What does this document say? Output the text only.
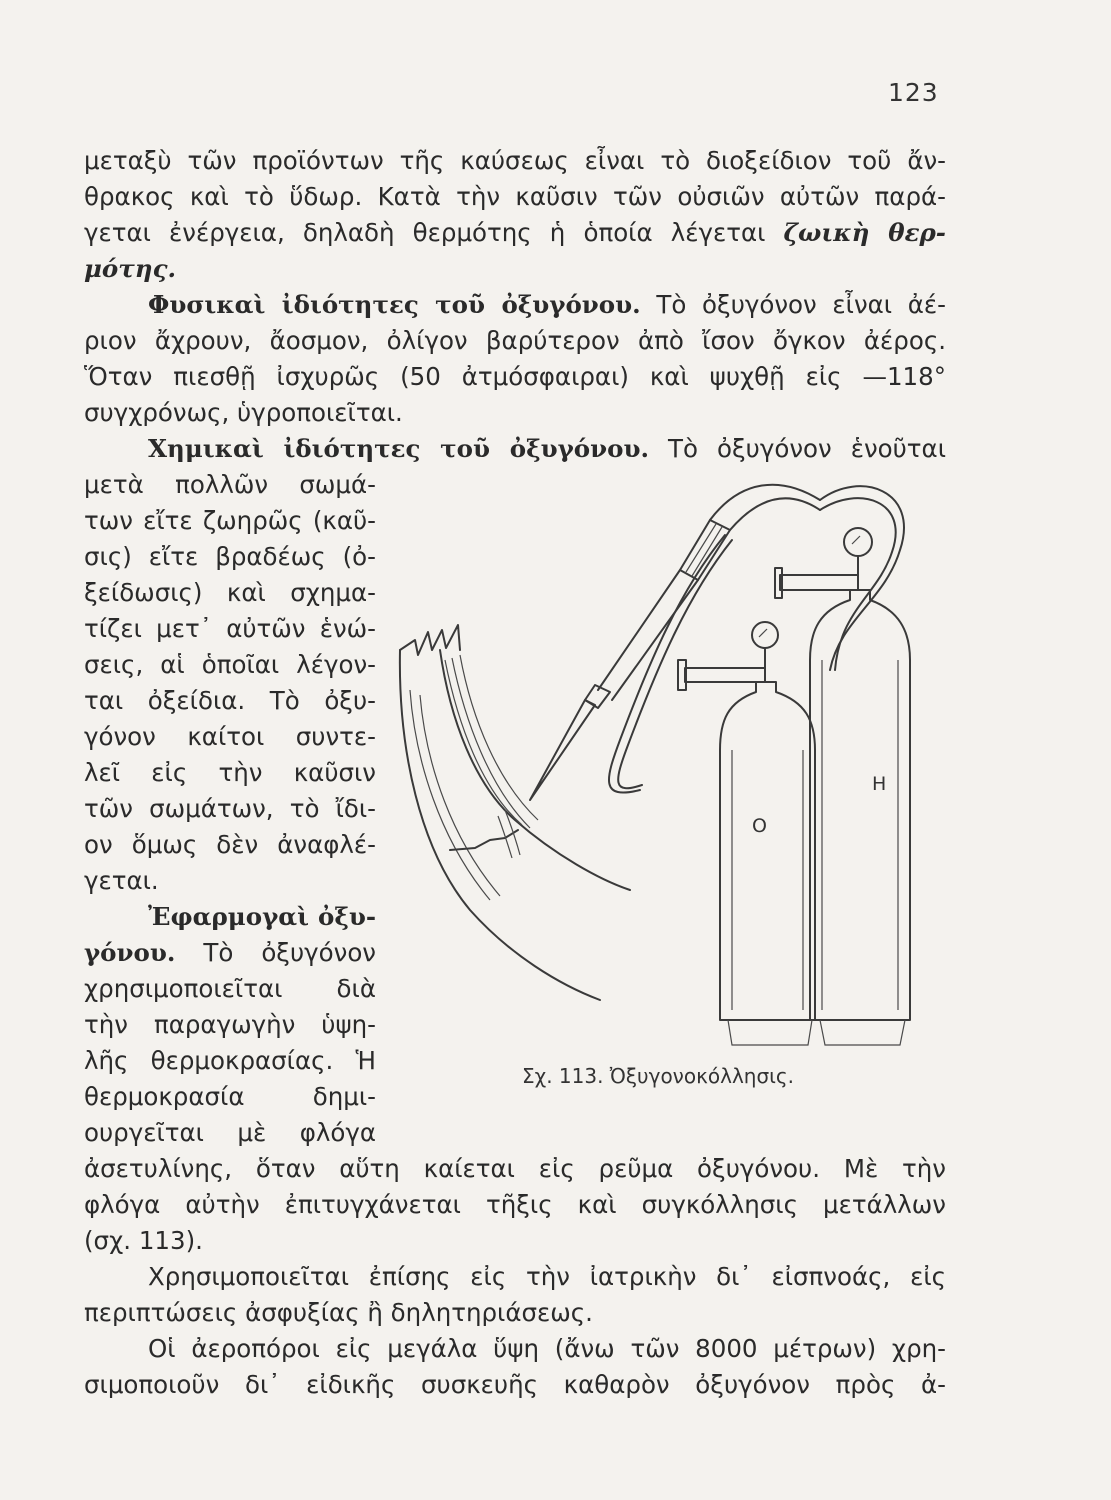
123
μεταξὺ τῶν προϊόντων τῆς καύσεως εἶναι τὸ διοξείδιον τοῦ ἄν-
θρακος καὶ τὸ ὕδωρ. Κατὰ τὴν καῦσιν τῶν οὐσιῶν αὐτῶν παρά-
γεται ἐνέργεια, δηλαδὴ θερμότης ἡ ὁποία λέγεται ζωικὴ θερ-
μότης.
Φυσικαὶ ἰδιότητες τοῦ ὀξυγόνου. Τὸ ὀξυγόνον εἶναι ἀέ-
ριον ἄχρουν, ἄοσμον, ὀλίγον βαρύτερον ἀπὸ ἴσον ὄγκον ἀέρος.
Ὅταν πιεσθῇ ἰσχυρῶς (50 ἀτμόσφαιραι) καὶ ψυχθῇ εἰς —118°
συγχρόνως, ὑγροποιεῖται.
Χημικαὶ ἰδιότητες τοῦ ὀξυγόνου. Τὸ ὀξυγόνον ἑνοῦται
μετὰ πολλῶν σωμά-
των εἴτε ζωηρῶς (καῦ-
σις) εἴτε βραδέως (ὀ-
ξείδωσις) καὶ σχημα-
τίζει μετ᾽ αὐτῶν ἑνώ-
σεις, αἱ ὁποῖαι λέγον-
ται ὀξείδια. Τὸ ὀξυ-
γόνον καίτοι συντε-
λεῖ εἰς τὴν καῦσιν
τῶν σωμάτων, τὸ ἴδι-
ον ὅμως δὲν ἀναφλέ-
γεται.
Ἐφαρμογαὶ ὀξυ-
γόνου. Τὸ ὀξυγόνον
χρησιμοποιεῖται διὰ
τὴν παραγωγὴν ὑψη-
λῆς θερμοκρασίας. Ἡ
θερμοκρασία δημι-
ουργεῖται μὲ φλόγα
ἀσετυλίνης, ὅταν αὕτη καίεται εἰς ρεῦμα ὀξυγόνου. Μὲ τὴν
φλόγα αὐτὴν ἐπιτυγχάνεται τῆξις καὶ συγκόλλησις μετάλλων
(σχ. 113).
Χρησιμοποιεῖται ἐπίσης εἰς τὴν ἰατρικὴν δι᾽ εἰσπνοάς, εἰς
περιπτώσεις ἀσφυξίας ἢ δηλητηριάσεως.
Οἱ ἀεροπόροι εἰς μεγάλα ὕψη (ἄνω τῶν 8000 μέτρων) χρη-
σιμοποιοῦν δι᾽ εἰδικῆς συσκευῆς καθαρὸν ὀξυγόνον πρὸς ἀ-
H
O
Σχ. 113. Ὀξυγονοκόλλησις.
